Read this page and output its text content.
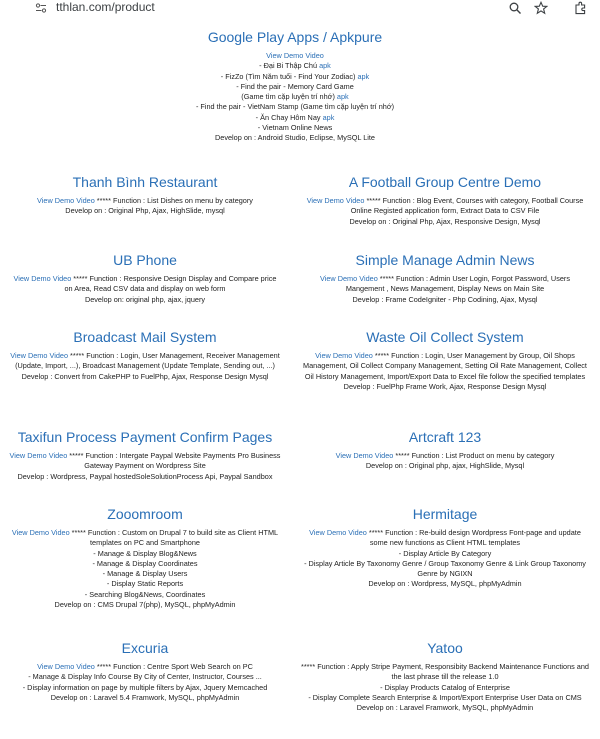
tthlan.com/product
Google Play Apps / Apkpure
View Demo Video
- Đại Bi Thập Chú apk
- FizZo (Tìm Năm tuổi - Find Your Zodiac) apk
- Find the pair - Memory Card Game
(Game tìm cặp luyện trí nhớ) apk
- Find the pair - VietNam Stamp (Game tìm cặp luyện trí nhớ)
- Ăn Chay Hôm Nay apk
- Vietnam Online News
Develop on : Android Studio, Eclipse, MySQL Lite
Thanh Bình Restaurant
View Demo Video ***** Function : List Dishes on menu by category
Develop on : Original Php, Ajax, HighSlide, mysql
A Football Group Centre Demo
View Demo Video ***** Function : Blog Event, Courses with category, Football Course Online Registed application form, Extract Data to CSV File
Develop on : Original Php, Ajax, Responsive Design, Mysql
UB Phone
View Demo Video ***** Function : Responsive Design Display and Compare price on Area, Read CSV data and display on web form
Develop on: original php, ajax, jquery
Simple Manage Admin News
View Demo Video ***** Function : Admin User Login, Forgot Password, Users Mangement , News Management, Display News on Main Site
Develop : Frame CodeIgniter - Php Codining, Ajax, Mysql
Broadcast Mail System
View Demo Video ***** Function : Login, User Management, Receiver Management (Update, Import, ...), Broadcast Management (Update Template, Sending out, ...)
Develop : Convert from CakePHP to FuelPhp, Ajax, Response Design Mysql
Waste Oil Collect System
View Demo Video ***** Function : Login, User Management by Group, Oil Shops Management, Oil Collect Company Management, Setting Oil Rate Management, Collect Oil History Management, Import/Export Data to Excel file follow the specified templates
Develop : FuelPhp Frame Work, Ajax, Response Design Mysql
Taxifun Process Payment Confirm Pages
View Demo Video ***** Function : Intergate Paypal Website Payments Pro Business Gateway Payment on Wordpress Site
Develop : Wordpress, Paypal hostedSoleSolutionProcess Api, Paypal Sandbox
Artcraft 123
View Demo Video ***** Function : List Product on menu by category
Develop on : Original php, ajax, HighSlide, Mysql
Zooomroom
View Demo Video ***** Function : Custom on Drupal 7 to build site as Client HTML templates on PC and Smartphone
- Manage & Display Blog&News
- Manage & Display Coordinates
- Manage & Display Users
- Display Static Reports
- Searching Blog&News, Coordinates
Develop on : CMS Drupal 7(php), MySQL, phpMyAdmin
Hermitage
View Demo Video ***** Function : Re-build design Wordpress Font-page and update some new functions as Client HTML templates
- Display Article By Category
- Display Article By Taxonomy Genre / Group Taxonomy Genre & Link Group Taxonomy Genre by NGIXN
Develop on : Wordpress, MySQL, phpMyAdmin
Excuria
View Demo Video ***** Function : Centre Sport Web Search on PC
- Manage & Display Info Course By City of Center, Instructor, Courses ...
- Display information on page by multiple filters by Ajax, Jquery Memcached
Develop on : Laravel 5.4 Framwork, MySQL, phpMyAdmin
Yatoo
***** Function : Apply Stripe Payment, Responsibity Backend Maintenance Functions and the last phrase till the release 1.0
- Display Products Catalog of Enterprise
- Display Complete Search Enterprise & Import/Export Enterprise User Data on CMS
Develop on : Laravel Framwork, MySQL, phpMyAdmin
